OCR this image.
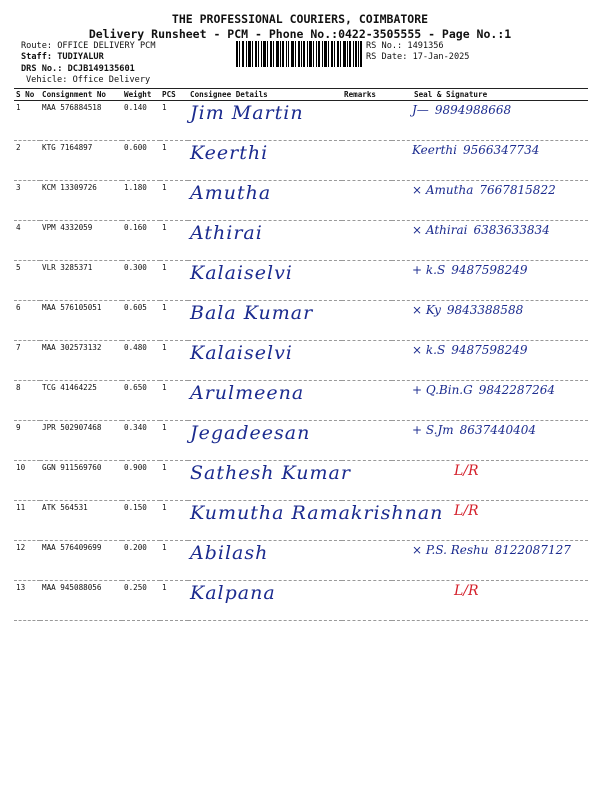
THE PROFESSIONAL COURIERS, COIMBATORE
Delivery Runsheet - PCM - Phone No.:0422-3505555 - Page No.:1
Route: OFFICE DELIVERY PCM
Staff: TUDIYALUR
DRS No.: DCJB149135601
Vehicle: Office Delivery
RS No.: 1491356
RS Date: 17-Jan-2025
S No	Consignment No	Weight	PCS	Consignee Details	Remarks	Seal & Signature
1	MAA 576884518	0.140	1	Jim Martin		J— 9894988668
2	KTG 7164897	0.600	1	Keerthi		Keerthi 9566347734
3	KCM 13309726	1.180	1	Amutha		× Amutha 7667815822
4	VPM 4332059	0.160	1	Athirai		× Athirai 6383633834
5	VLR 3285371	0.300	1	Kalaiselvi		+ k.S 9487598249
6	MAA 576105051	0.605	1	Bala Kumar		× Ky 9843388588
7	MAA 302573132	0.480	1	Kalaiselvi		× k.S 9487598249
8	TCG 41464225	0.650	1	Arulmeena		+ Q.Bin.G 9842287264
9	JPR 502907468	0.340	1	Jegadeesan		+ S.Jm 8637440404
10	GGN 911569760	0.900	1	Sathesh Kumar		L/R
11	ATK 564531	0.150	1	Kumutha Ramakrishnan		L/R
12	MAA 576409699	0.200	1	Abilash		× P.S. Reshu 8122087127
13	MAA 945088056	0.250	1	Kalpana		L/R
